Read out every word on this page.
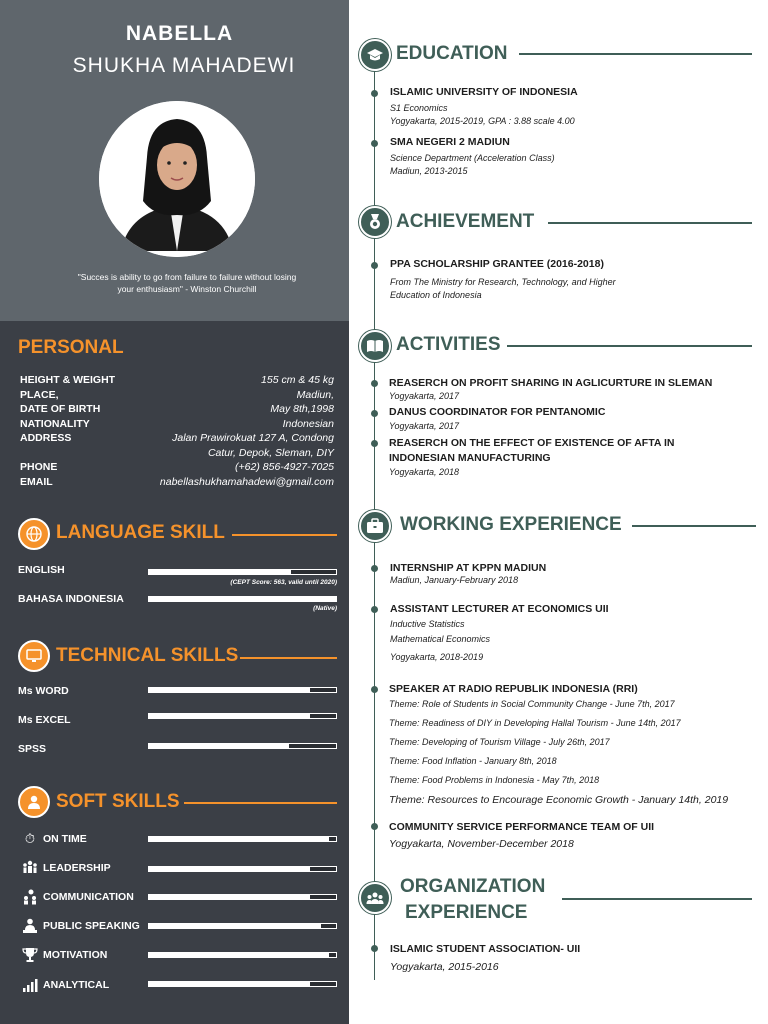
NABELLA
SHUKHA MAHADEWI
"Succes is ability to go from failure to failure without losing your enthusiasm" - Winston Churchill
PERSONAL
HEIGHT & WEIGHT	155 cm & 45 kg
PLACE,	Madiun,
DATE OF BIRTH	May 8th,1998
NATIONALITY	Indonesian
ADDRESS	Jalan Prawirokuat 127 A, Condong Catur, Depok, Sleman, DIY
PHONE	(+62) 856-4927-7025
EMAIL	nabellashukhamahadewi@gmail.com
LANGUAGE SKILL
ENGLISH
(CEPT Score: 563, valid until 2020)
BAHASA INDONESIA
(Native)
TECHNICAL SKILLS
Ms WORD
Ms EXCEL
SPSS
SOFT SKILLS
⏱ ON TIME
LEADERSHIP
COMMUNICATION
PUBLIC SPEAKING
MOTIVATION
ANALYTICAL
EDUCATION
ISLAMIC UNIVERSITY OF INDONESIA
S1 Economics
Yogyakarta, 2015-2019, GPA : 3.88 scale 4.00
SMA NEGERI 2 MADIUN
Science Department (Acceleration Class)
Madiun, 2013-2015
ACHIEVEMENT
PPA SCHOLARSHIP GRANTEE (2016-2018)
From The Ministry for Research, Technology, and Higher
Education of Indonesia
ACTIVITIES
REASERCH ON PROFIT SHARING IN AGLICURTURE IN SLEMAN
Yogyakarta, 2017
DANUS COORDINATOR FOR PENTANOMIC
Yogyakarta, 2017
REASERCH ON THE EFFECT OF EXISTENCE OF AFTA IN
INDONESIAN MANUFACTURING
Yogyakarta, 2018
WORKING EXPERIENCE
INTERNSHIP AT KPPN MADIUN
Madiun, January-February 2018
ASSISTANT LECTURER AT ECONOMICS UII
Inductive Statistics
Mathematical Economics
Yogyakarta, 2018-2019
SPEAKER AT RADIO REPUBLIK INDONESIA (RRI)
Theme: Role of Students in Social Community Change - June 7th, 2017
Theme: Readiness of DIY in Developing Hallal Tourism - June 14th, 2017
Theme: Developing of Tourism Village - July 26th, 2017
Theme: Food Inflation - January 8th, 2018
Theme: Food Problems in Indonesia - May 7th, 2018
Theme: Resources to Encourage Economic Growth - January 14th, 2019
COMMUNITY SERVICE PERFORMANCE TEAM OF UII
Yogyakarta, November-December 2018
ORGANIZATION
EXPERIENCE
ISLAMIC STUDENT ASSOCIATION- UII
Yogyakarta, 2015-2016
